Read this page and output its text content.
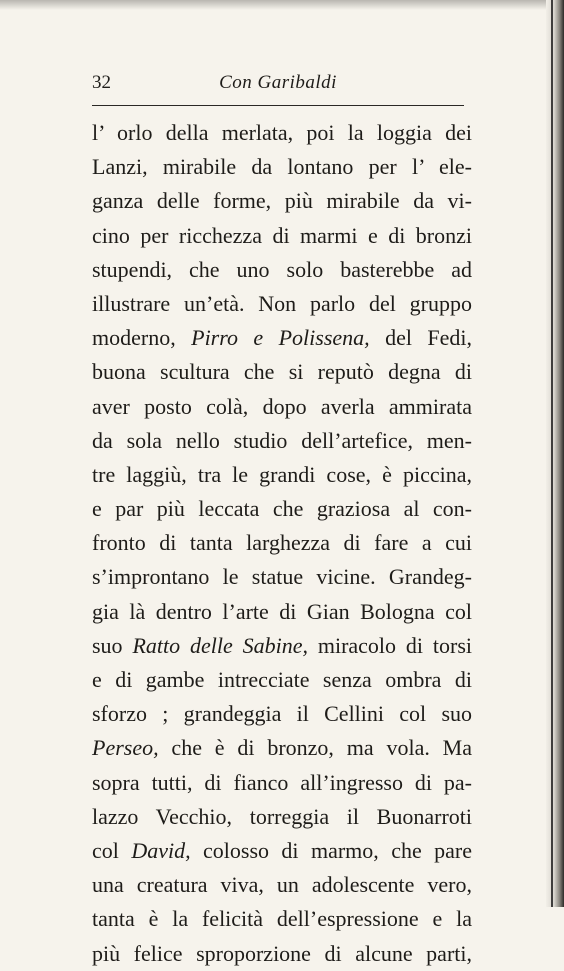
32	Con Garibaldi
l’ orlo della merlata, poi la loggia dei
Lanzi, mirabile da lontano per l’ ele-
ganza delle forme, più mirabile da vi-
cino per ricchezza di marmi e di bronzi
stupendi, che uno solo basterebbe ad
illustrare un’età. Non parlo del gruppo
moderno, Pirro e Polissena, del Fedi,
buona scultura che si reputò degna di
aver posto colà, dopo averla ammirata
da sola nello studio dell’artefice, men-
tre laggiù, tra le grandi cose, è piccina,
e par più leccata che graziosa al con-
fronto di tanta larghezza di fare a cui
s’improntano le statue vicine. Grandeg-
gia là dentro l’arte di Gian Bologna col
suo Ratto delle Sabine, miracolo di torsi
e di gambe intrecciate senza ombra di
sforzo ; grandeggia il Cellini col suo
Perseo, che è di bronzo, ma vola. Ma
sopra tutti, di fianco all’ingresso di pa-
lazzo Vecchio, torreggia il Buonarroti
col David, colosso di marmo, che pare
una creatura viva, un adolescente vero,
tanta è la felicità dell’espressione e la
più felice sproporzione di alcune parti,
